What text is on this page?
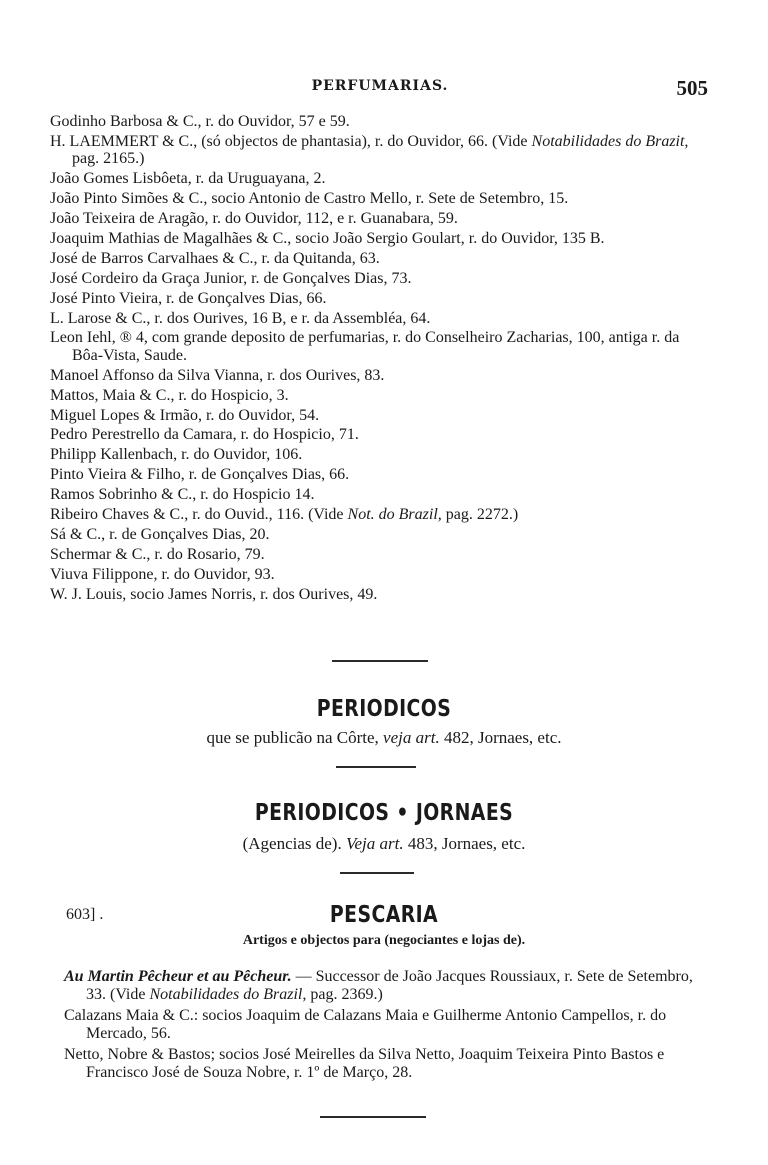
PERFUMARIAS.	505

Godinho Barbosa & C., r. do Ouvidor, 57 e 59.

H. LAEMMERT & C., (só objectos de phantasia), r. do Ouvidor, 66. (Vide Notabilidades do Brazit, pag. 2165.)

João Gomes Lisbôeta, r. da Uruguayana, 2.

João Pinto Simões & C., socio Antonio de Castro Mello, r. Sete de Setembro, 15.

João Teixeira de Aragão, r. do Ouvidor, 112, e r. Guanabara, 59.

Joaquim Mathias de Magalhães & C., socio João Sergio Goulart, r. do Ouvidor, 135 B.

José de Barros Carvalhaes & C., r. da Quitanda, 63.

José Cordeiro da Graça Junior, r. de Gonçalves Dias, 73.

José Pinto Vieira, r. de Gonçalves Dias, 66.

L. Larose & C., r. dos Ourives, 16 B, e r. da Assembléa, 64.

Leon Iehl, ® 4, com grande deposito de perfumarias, r. do Conselheiro Zacharias, 100, antiga r. da Bôa-Vista, Saude.

Manoel Affonso da Silva Vianna, r. dos Ourives, 83.

Mattos, Maia & C., r. do Hospicio, 3.

Miguel Lopes & Irmão, r. do Ouvidor, 54.

Pedro Perestrello da Camara, r. do Hospicio, 71.

Philipp Kallenbach, r. do Ouvidor, 106.

Pinto Vieira & Filho, r. de Gonçalves Dias, 66.

Ramos Sobrinho & C., r. do Hospicio 14.

Ribeiro Chaves & C., r. do Ouvid., 116. (Vide Not. do Brazil, pag. 2272.)

Sá & C., r. de Gonçalves Dias, 20.

Schermar & C., r. do Rosario, 79.

Viuva Filippone, r. do Ouvidor, 93.

W. J. Louis, socio James Norris, r. dos Ourives, 49.

PERIODICOS
que se publicão na Côrte, veja art. 482, Jornaes, etc.
PERIODICOS • JORNAES
(Agencias de). Veja art. 483, Jornaes, etc.
603] .	PESCARIA
Artigos e objectos para (negociantes e lojas de).

Au Martin Pêcheur et au Pêcheur. — Successor de João Jacques Roussiaux, r. Sete de Setembro, 33. (Vide Notabilidades do Brazil, pag. 2369.)

Calazans Maia & C.: socios Joaquim de Calazans Maia e Guilherme Antonio Campellos, r. do Mercado, 56.

Netto, Nobre & Bastos; socios José Meirelles da Silva Netto, Joaquim Teixeira Pinto Bastos e Francisco José de Souza Nobre, r. 1º de Março, 28.
